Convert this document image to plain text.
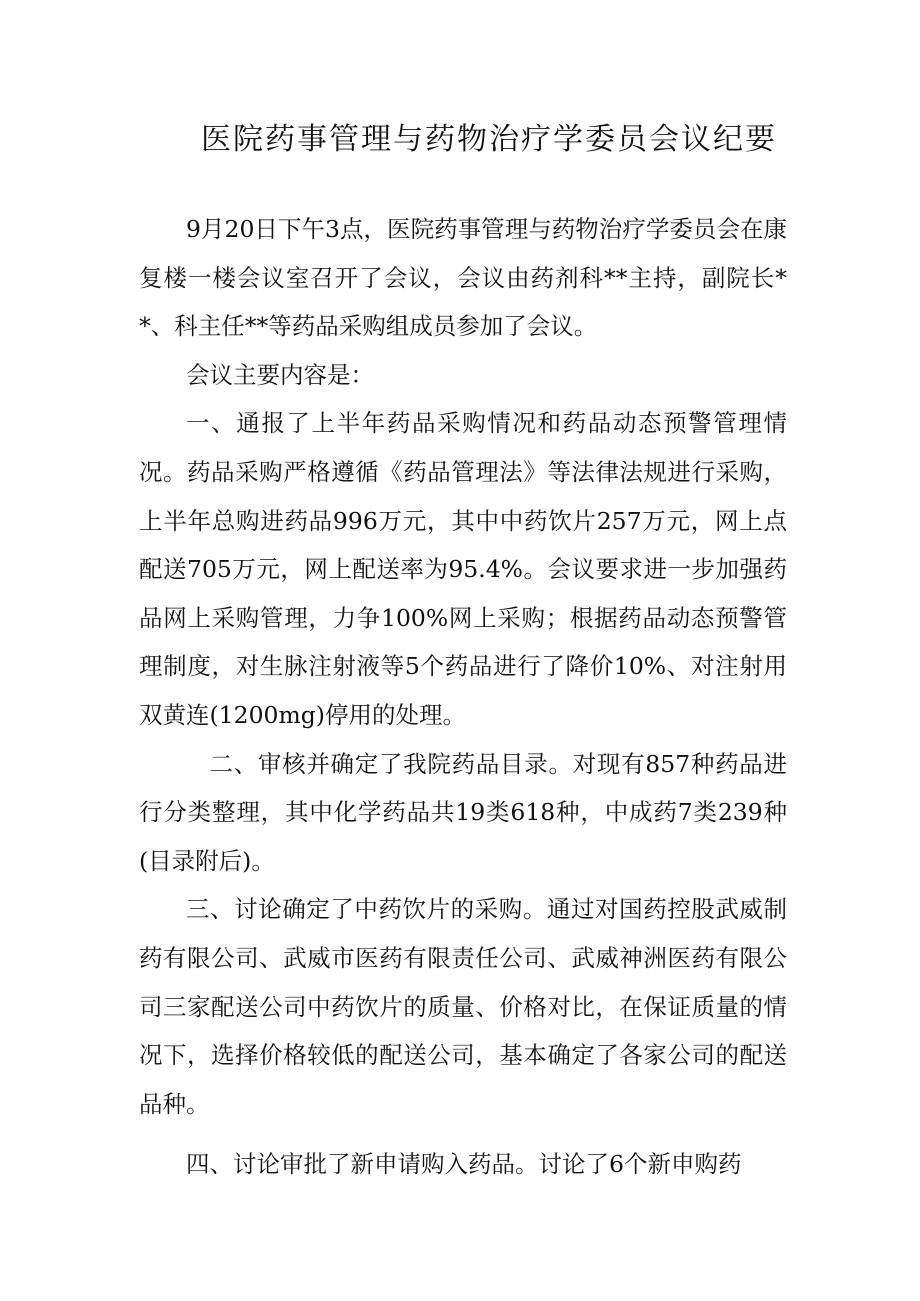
医院药事管理与药物治疗学委员会议纪要

9月20日下午3点，医院药事管理与药物治疗学委员会在康复楼一楼会议室召开了会议，会议由药剂科**主持，副院长**、科主任**等药品采购组成员参加了会议。

会议主要内容是：

一、通报了上半年药品采购情况和药品动态预警管理情况。药品采购严格遵循《药品管理法》等法律法规进行采购，上半年总购进药品996万元，其中中药饮片257万元，网上点配送705万元，网上配送率为95.4%。会议要求进一步加强药品网上采购管理，力争100%网上采购；根据药品动态预警管理制度，对生脉注射液等5个药品进行了降价10%、对注射用双黄连(1200mg)停用的处理。

二、审核并确定了我院药品目录。对现有857种药品进行分类整理，其中化学药品共19类618种，中成药7类239种(目录附后)。

三、讨论确定了中药饮片的采购。通过对国药控股武威制药有限公司、武威市医药有限责任公司、武威神洲医药有限公司三家配送公司中药饮片的质量、价格对比，在保证质量的情况下，选择价格较低的配送公司，基本确定了各家公司的配送品种。

四、讨论审批了新申请购入药品。讨论了6个新申购药
